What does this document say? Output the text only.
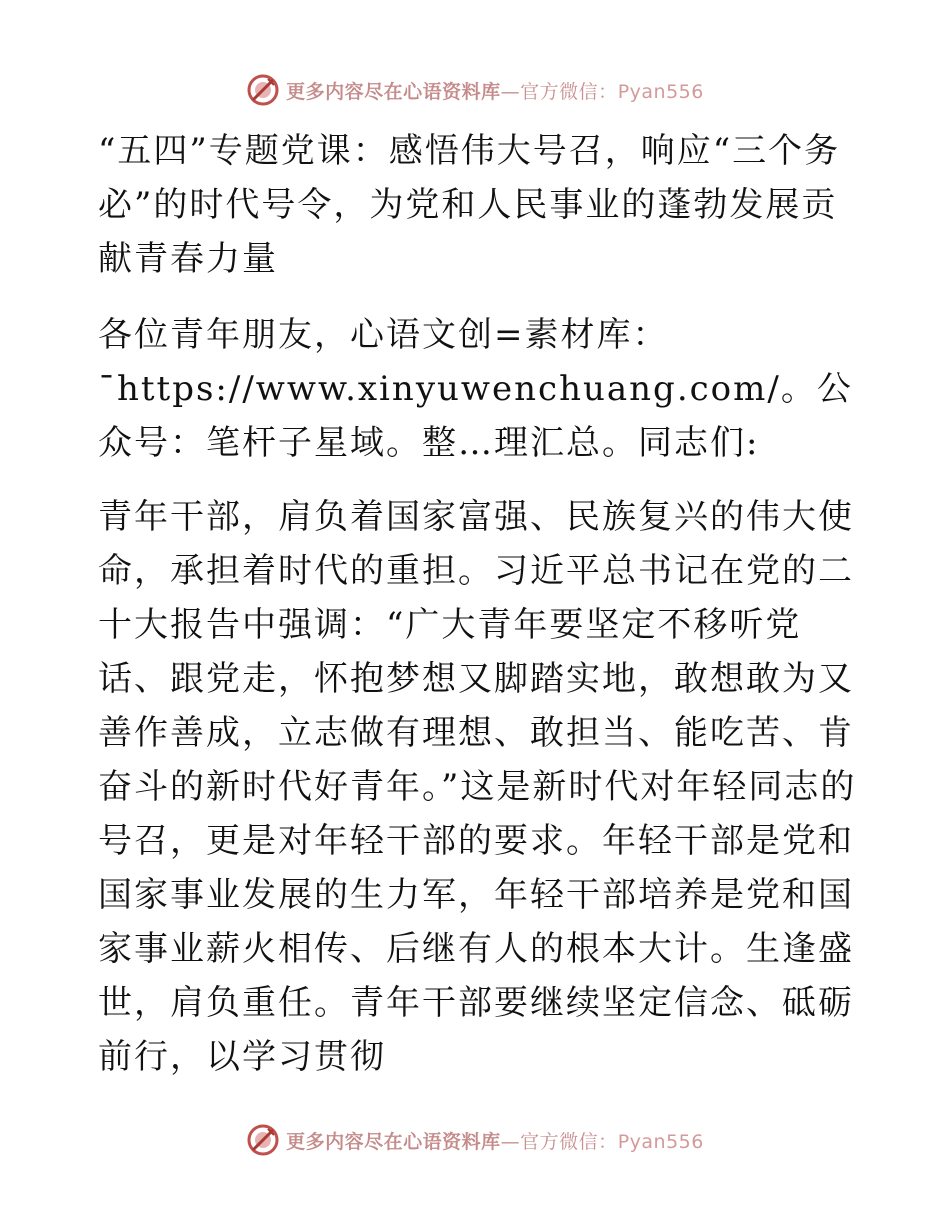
更多内容尽在心语资料库—官方微信：Pyan556

“五四”专题党课：感悟伟大号召，响应“三个务必”的时代号令，为党和人民事业的蓬勃发展贡献青春力量

各位青年朋友，心语文创=素材库：¯https://www.xinyuwenchuang.com/。公众号：笔杆子星域。整…理汇总。同志们:

青年干部，肩负着国家富强、民族复兴的伟大使命，承担着时代的重担。习近平总书记在党的二十大报告中强调：“广大青年要坚定不移听党话、跟党走，怀抱梦想又脚踏实地，敢想敢为又善作善成，立志做有理想、敢担当、能吃苦、肯奋斗的新时代好青年。”这是新时代对年轻同志的号召，更是对年轻干部的要求。年轻干部是党和国家事业发展的生力军，年轻干部培养是党和国家事业薪火相传、后继有人的根本大计。生逢盛世，肩负重任。青年干部要继续坚定信念、砥砺前行，以学习贯彻

更多内容尽在心语资料库—官方微信：Pyan556
